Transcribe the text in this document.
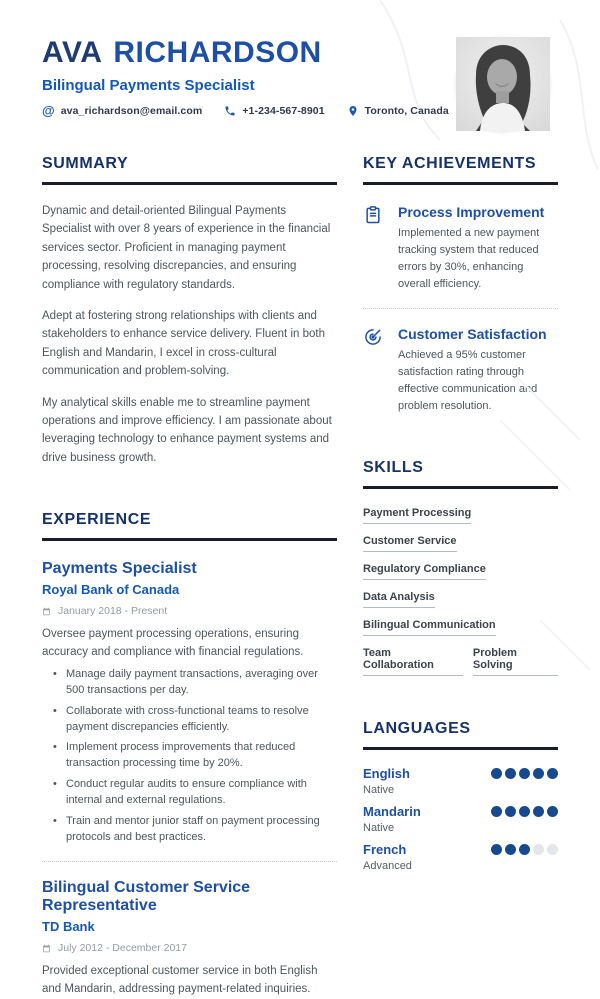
AVA RICHARDSON
Bilingual Payments Specialist
@ ava_richardson@email.com	+1-234-567-8901	Toronto, Canada
SUMMARY

Dynamic and detail-oriented Bilingual Payments Specialist with over 8 years of experience in the financial services sector. Proficient in managing payment processing, resolving discrepancies, and ensuring compliance with regulatory standards.

Adept at fostering strong relationships with clients and stakeholders to enhance service delivery. Fluent in both English and Mandarin, I excel in cross-cultural communication and problem-solving.

My analytical skills enable me to streamline payment operations and improve efficiency. I am passionate about leveraging technology to enhance payment systems and drive business growth.

EXPERIENCE
Payments Specialist
Royal Bank of Canada
January 2018 - Present
Oversee payment processing operations, ensuring accuracy and compliance with financial regulations.
• Manage daily payment transactions, averaging over 500 transactions per day.
• Collaborate with cross-functional teams to resolve payment discrepancies efficiently.
• Implement process improvements that reduced transaction processing time by 20%.
• Conduct regular audits to ensure compliance with internal and external regulations.
• Train and mentor junior staff on payment processing protocols and best practices.
Bilingual Customer Service Representative
TD Bank
July 2012 - December 2017
Provided exceptional customer service in both English and Mandarin, addressing payment-related inquiries.
KEY ACHIEVEMENTS
Process Improvement
Implemented a new payment tracking system that reduced errors by 30%, enhancing overall efficiency.
Customer Satisfaction
Achieved a 95% customer satisfaction rating through effective communication and problem resolution.
SKILLS
Payment Processing
Customer Service
Regulatory Compliance
Data Analysis
Bilingual Communication
Team Collaboration
Problem Solving
LANGUAGES
English
Native
Mandarin
Native
French
Advanced
